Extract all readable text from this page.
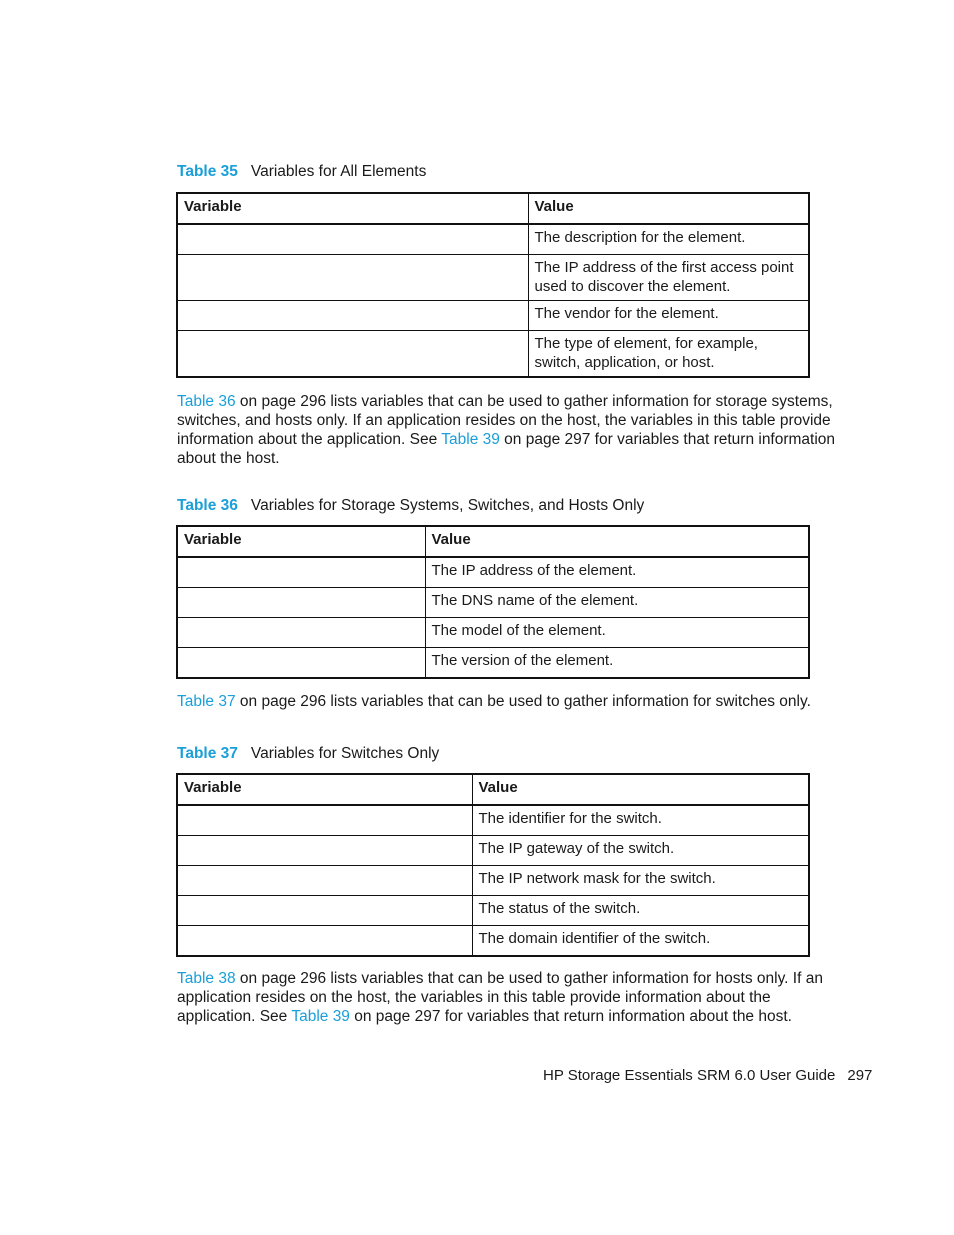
Table 35 Variables for All Elements
Variable	Value
	The description for the element.
	The IP address of the first access point used to discover the element.
	The vendor for the element.
	The type of element, for example, switch, application, or host.

Table 36 on page 296 lists variables that can be used to gather information for storage systems, switches, and hosts only. If an application resides on the host, the variables in this table provide information about the application. See Table 39 on page 297 for variables that return information about the host.

Table 36 Variables for Storage Systems, Switches, and Hosts Only
Variable	Value
	The IP address of the element.
	The DNS name of the element.
	The model of the element.
	The version of the element.

Table 37 on page 296 lists variables that can be used to gather information for switches only.

Table 37 Variables for Switches Only
Variable	Value
	The identifier for the switch.
	The IP gateway of the switch.
	The IP network mask for the switch.
	The status of the switch.
	The domain identifier of the switch.

Table 38 on page 296 lists variables that can be used to gather information for hosts only. If an application resides on the host, the variables in this table provide information about the application. See Table 39 on page 297 for variables that return information about the host.

HP Storage Essentials SRM 6.0 User Guide 297
